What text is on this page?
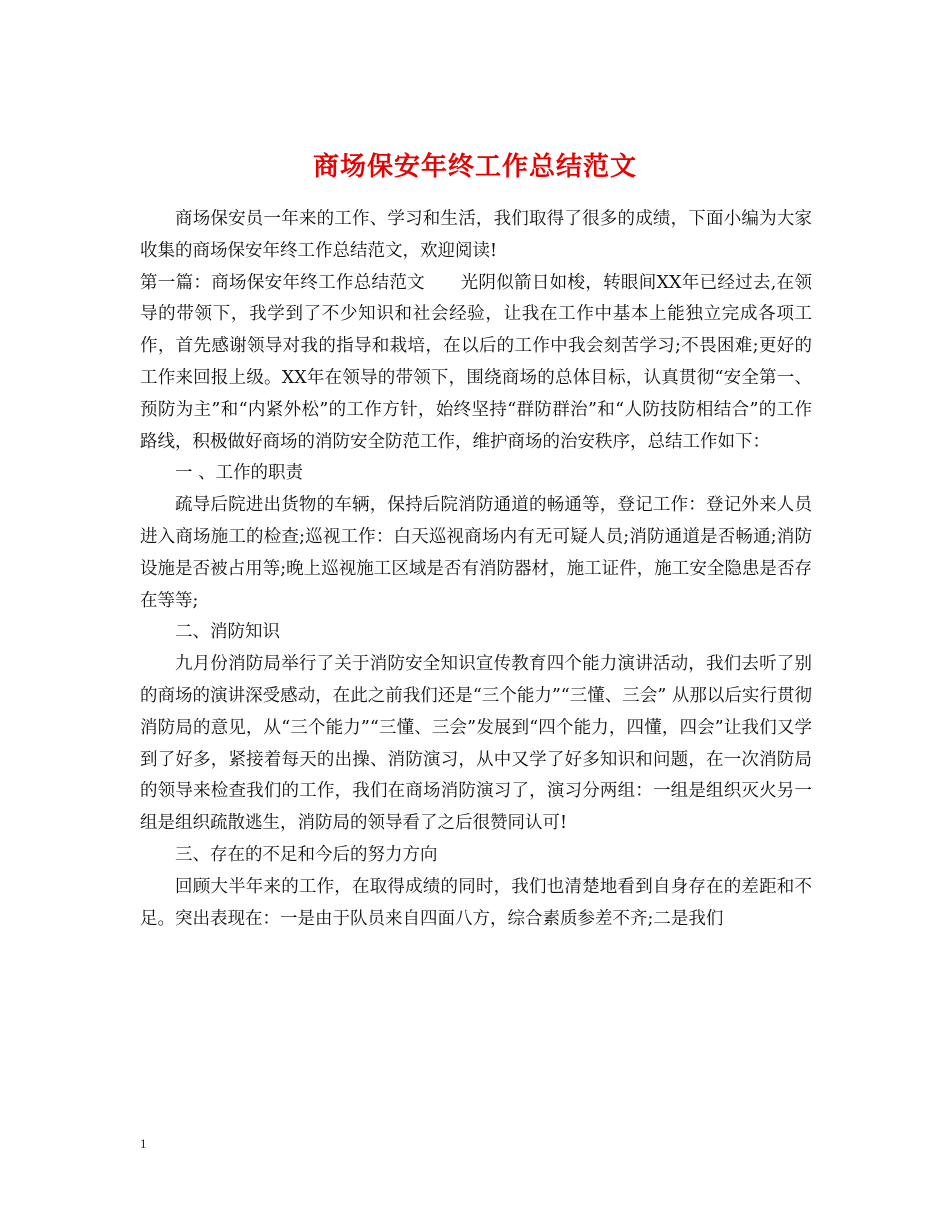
商场保安年终工作总结范文

商场保安员一年来的工作、学习和生活，我们取得了很多的成绩，下面小编为大家收集的商场保安年终工作总结范文，欢迎阅读!

第一篇：商场保安年终工作总结范文　　光阴似箭日如梭，转眼间XX年已经过去,在领导的带领下，我学到了不少知识和社会经验，让我在工作中基本上能独立完成各项工作，首先感谢领导对我的指导和栽培，在以后的工作中我会刻苦学习;不畏困难;更好的工作来回报上级。XX年在领导的带领下，围绕商场的总体目标，认真贯彻“安全第一、预防为主”和“内紧外松”的工作方针，始终坚持“群防群治”和“人防技防相结合”的工作路线，积极做好商场的消防安全防范工作，维护商场的治安秩序，总结工作如下：

一 、工作的职责

疏导后院进出货物的车辆，保持后院消防通道的畅通等，登记工作：登记外来人员进入商场施工的检查;巡视工作：白天巡视商场内有无可疑人员;消防通道是否畅通;消防设施是否被占用等;晚上巡视施工区域是否有消防器材，施工证件，施工安全隐患是否存在等等;

二、消防知识

九月份消防局举行了关于消防安全知识宣传教育四个能力演讲活动，我们去听了别的商场的演讲深受感动，在此之前我们还是“三个能力”“三懂、三会” 从那以后实行贯彻消防局的意见，从“三个能力”“三懂、三会”发展到“四个能力，四懂，四会”让我们又学到了好多，紧接着每天的出操、消防演习，从中又学了好多知识和问题，在一次消防局的领导来检查我们的工作，我们在商场消防演习了，演习分两组：一组是组织灭火另一组是组织疏散逃生，消防局的领导看了之后很赞同认可!

三、存在的不足和今后的努力方向

回顾大半年来的工作，在取得成绩的同时，我们也清楚地看到自身存在的差距和不足。突出表现在：一是由于队员来自四面八方，综合素质参差不齐;二是我们

1
